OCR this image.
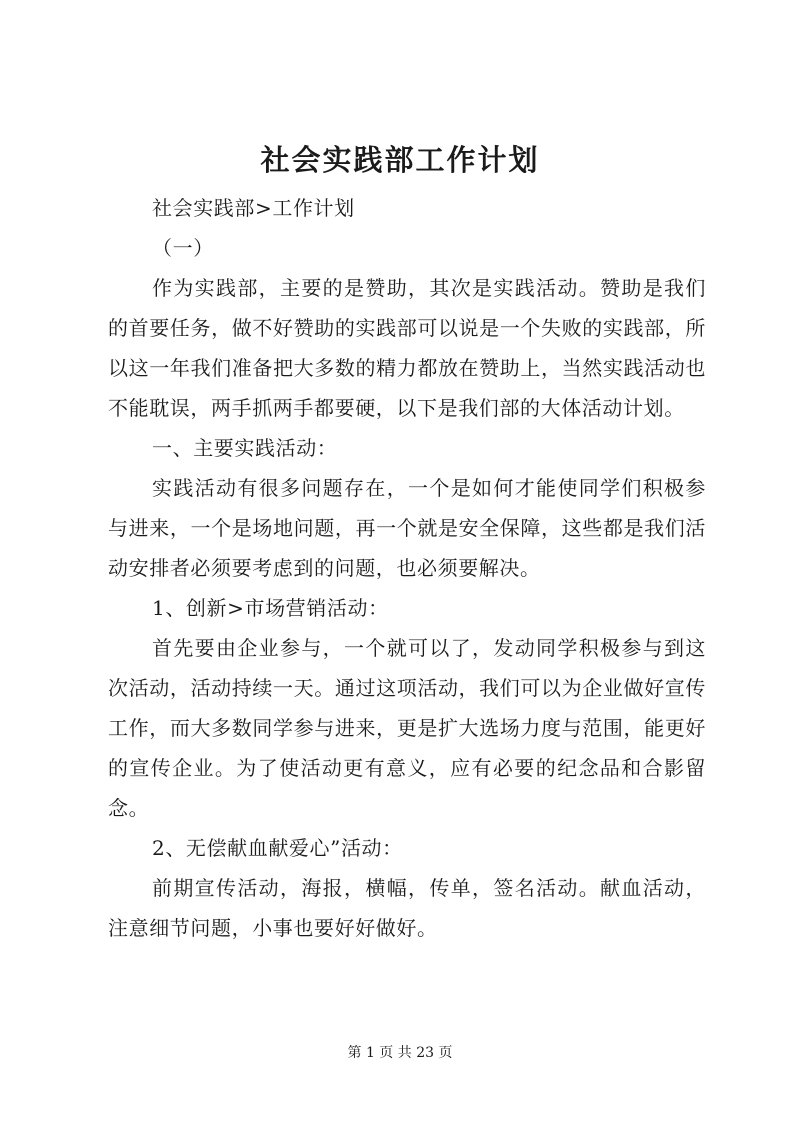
社会实践部工作计划

社会实践部>工作计划

（一）

作为实践部，主要的是赞助，其次是实践活动。赞助是我们的首要任务，做不好赞助的实践部可以说是一个失败的实践部，所以这一年我们准备把大多数的精力都放在赞助上，当然实践活动也不能耽误，两手抓两手都要硬，以下是我们部的大体活动计划。

一、主要实践活动：

实践活动有很多问题存在，一个是如何才能使同学们积极参与进来，一个是场地问题，再一个就是安全保障，这些都是我们活动安排者必须要考虑到的问题，也必须要解决。

1、创新>市场营销活动：

首先要由企业参与，一个就可以了，发动同学积极参与到这次活动，活动持续一天。通过这项活动，我们可以为企业做好宣传工作，而大多数同学参与进来，更是扩大选场力度与范围，能更好的宣传企业。为了使活动更有意义，应有必要的纪念品和合影留念。

2、无偿献血献爱心”活动：

前期宣传活动，海报，横幅，传单，签名活动。献血活动，注意细节问题，小事也要好好做好。

第 1 页 共 23 页
